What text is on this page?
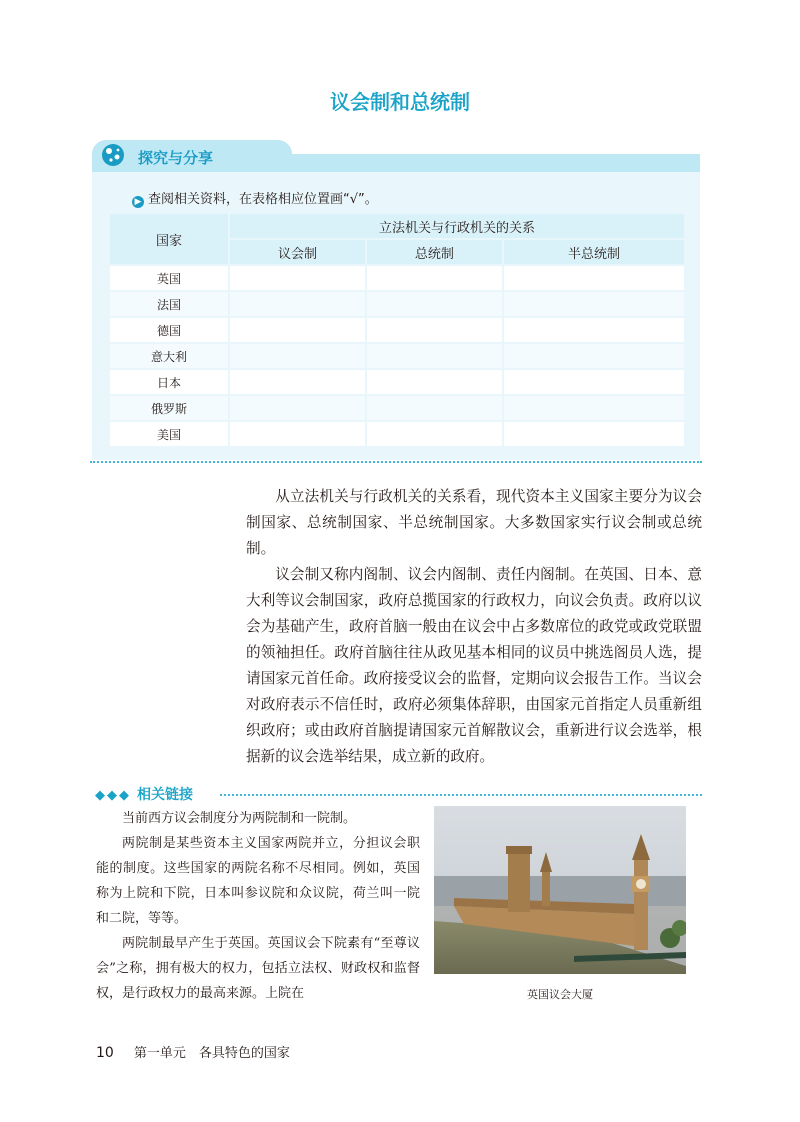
议会制和总统制
探究与分享
▶ 查阅相关资料，在表格相应位置画“√”。
国家	立法机关与行政机关的关系		
	议会制	总统制	半总统制
英国			
法国			
德国			
意大利			
日本			
俄罗斯			
美国			

从立法机关与行政机关的关系看，现代资本主义国家主要分为议会制国家、总统制国家、半总统制国家。大多数国家实行议会制或总统制。

议会制又称内阁制、议会内阁制、责任内阁制。在英国、日本、意大利等议会制国家，政府总揽国家的行政权力，向议会负责。政府以议会为基础产生，政府首脑一般由在议会中占多数席位的政党或政党联盟的领袖担任。政府首脑往往从政见基本相同的议员中挑选阁员人选，提请国家元首任命。政府接受议会的监督，定期向议会报告工作。当议会对政府表示不信任时，政府必须集体辞职，由国家元首指定人员重新组织政府；或由政府首脑提请国家元首解散议会，重新进行议会选举，根据新的议会选举结果，成立新的政府。

◆◆◆ 相关链接

当前西方议会制度分为两院制和一院制。

两院制是某些资本主义国家两院并立，分担议会职能的制度。这些国家的两院名称不尽相同。例如，英国称为上院和下院，日本叫参议院和众议院，荷兰叫一院和二院，等等。

两院制最早产生于英国。英国议会下院素有“至尊议会”之称，拥有极大的权力，包括立法权、财政权和监督权，是行政权力的最高来源。上院在	英国议会大厦
10 第一单元　各具特色的国家
